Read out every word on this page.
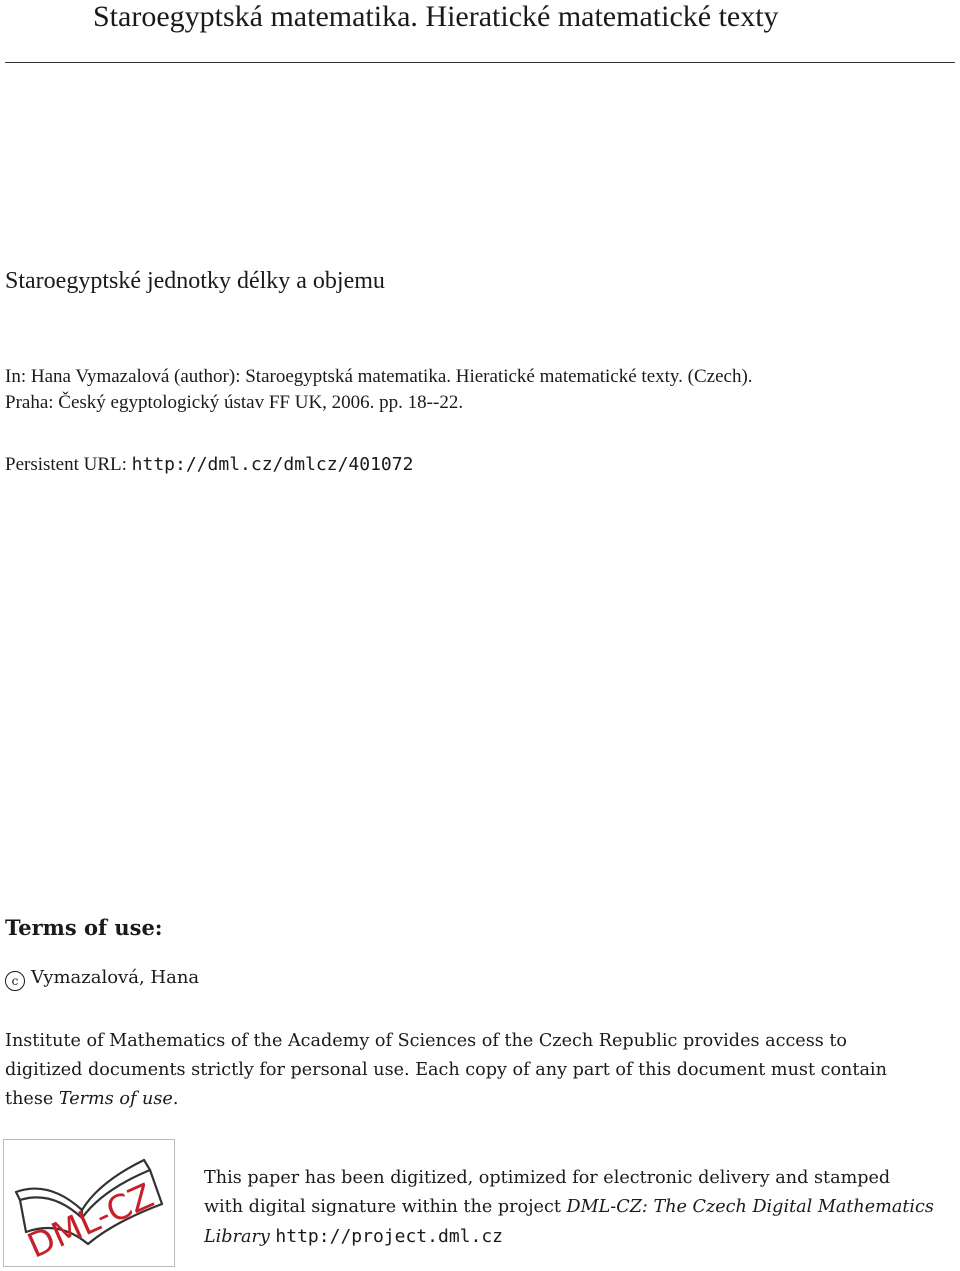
Staroegyptská matematika. Hieratické matematické texty
Staroegyptské jednotky délky a objemu
In: Hana Vymazalová (author): Staroegyptská matematika. Hieratické matematické texty. (Czech).
Praha: Český egyptologický ústav FF UK, 2006. pp. 18--22.
Persistent URL: http://dml.cz/dmlcz/401072
Terms of use:
c Vymazalová, Hana
Institute of Mathematics of the Academy of Sciences of the Czech Republic provides access to
digitized documents strictly for personal use. Each copy of any part of this document must contain
these Terms of use.
DML-CZ	This paper has been digitized, optimized for electronic delivery and stamped
with digital signature within the project DML-CZ: The Czech Digital Mathematics
Library http://project.dml.cz
